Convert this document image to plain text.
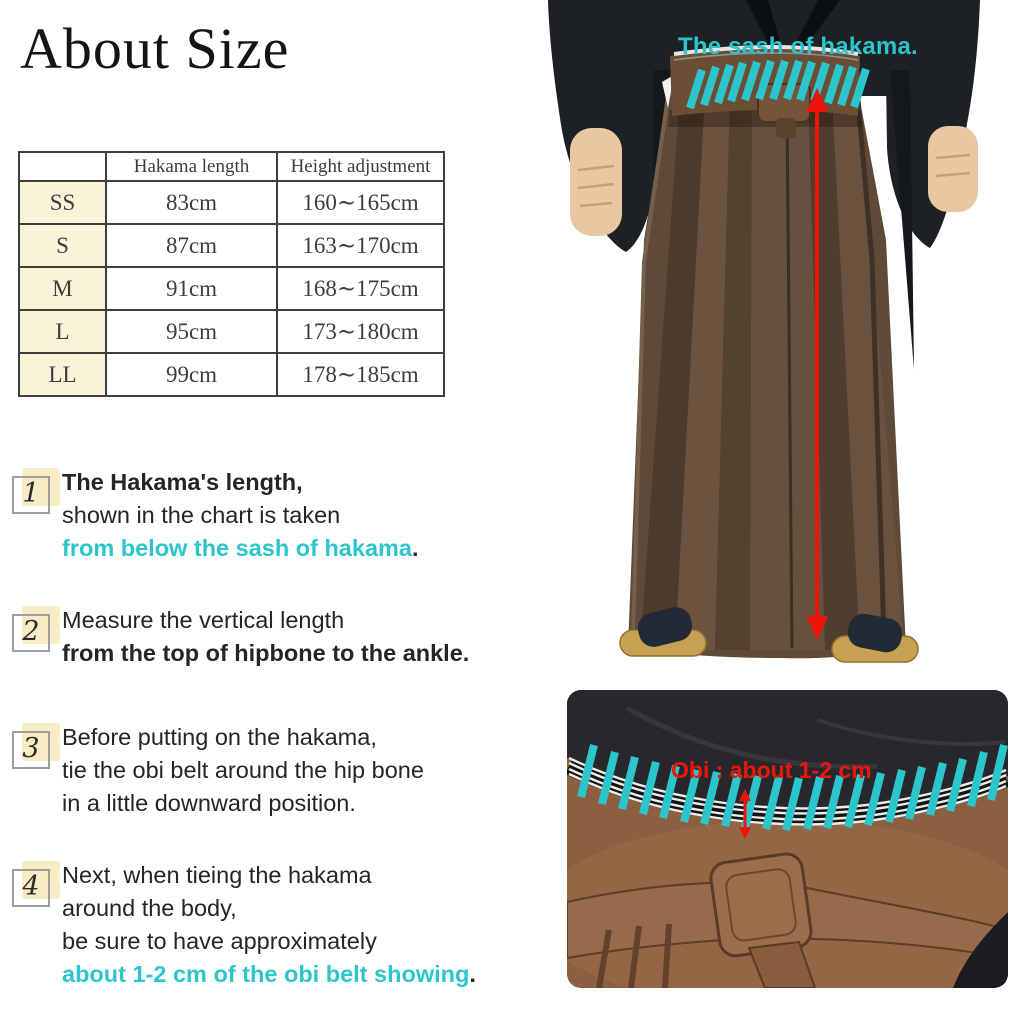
About Size
	Hakama length	Height adjustment
SS	83cm	160∼165cm
S	87cm	163∼170cm
M	91cm	168∼175cm
L	95cm	173∼180cm
LL	99cm	178∼185cm
1 The Hakama's length,
shown in the chart is taken
from below the sash of hakama.
2 Measure the vertical length
from the top of hipbone to the ankle.
3 Before putting on the hakama,
tie the obi belt around the hip bone
in a little downward position.
4 Next, when tieing the hakama
around the body,
be sure to have approximately
about 1-2 cm of the obi belt showing.
The sash of hakama.
Obi : about 1-2 cm
